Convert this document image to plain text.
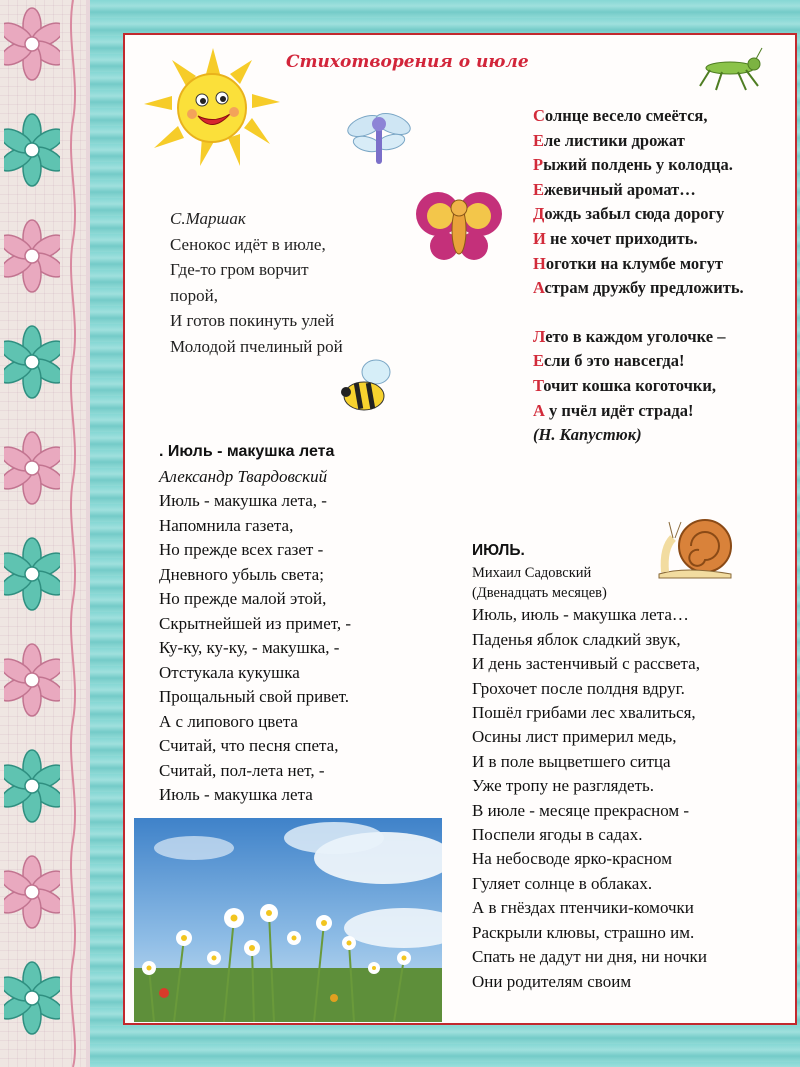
Стихотворения о июле
С.Маршак
Сенокос идёт в июле,
Где-то гром ворчит
порой,
И готов покинуть улей
Молодой пчелиный рой
Солнце весело смеётся,
Еле листики дрожат
Рыжий полдень у колодца.
Ежевичный аромат…
Дождь забыл сюда дорогу
И не хочет приходить.
Ноготки на клумбе могут
Астрам дружбу предложить.
Лето в каждом уголочке –
Если б это навсегда!
Точит кошка коготочки,
А у пчёл идёт страда!
(Н. Капустюк)
. Июль - макушка лета
Александр Твардовский
Июль - макушка лета, -
Напомнила газета,
Но прежде всех газет -
Дневного убыль света;
Но прежде малой этой,
Скрытнейшей из примет, -
Ку-ку, ку-ку, - макушка, -
Отстукала кукушка
Прощальный свой привет.
А с липового цвета
Считай, что песня спета,
Считай, пол-лета нет, -
Июль - макушка лета
ИЮЛЬ.
Михаил Садовский
(Двенадцать месяцев)
Июль, июль - макушка лета…
Паденья яблок сладкий звук,
И день застенчивый с рассвета,
Грохочет после полдня вдруг.
Пошёл грибами лес хвалиться,
Осины лист примерил медь,
И в поле выцветшего ситца
Уже тропу не разглядеть.
В июле - месяце прекрасном -
Поспели ягоды в садах.
На небосводе ярко-красном
Гуляет солнце в облаках.
А в гнёздах птенчики-комочки
Раскрыли клювы, страшно им.
Спать не дадут ни дня, ни ночки
Они родителям своим
